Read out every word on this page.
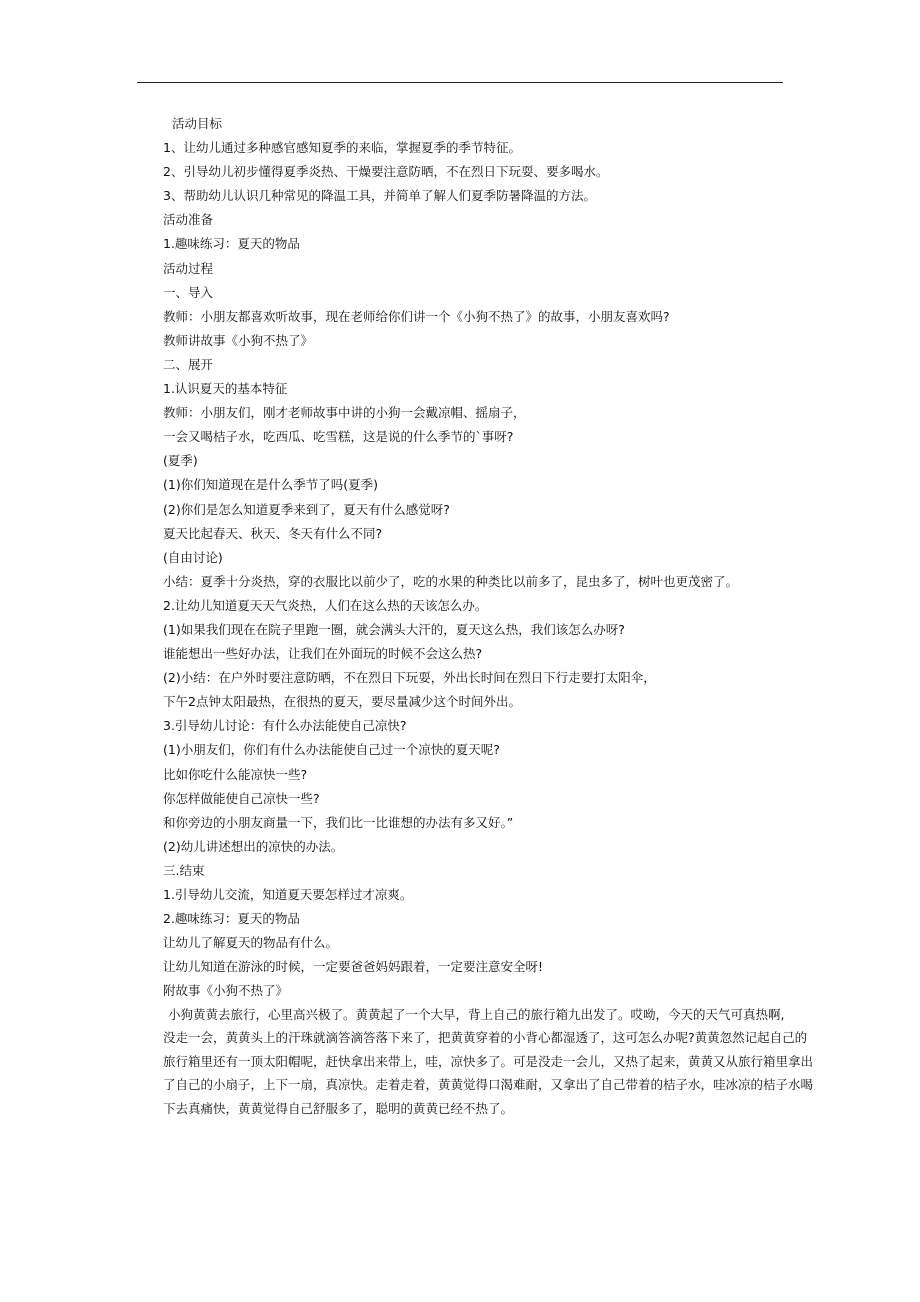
活动目标
1、让幼儿通过多种感官感知夏季的来临，掌握夏季的季节特征。
2、引导幼儿初步懂得夏季炎热、干燥要注意防晒，不在烈日下玩耍、要多喝水。
3、帮助幼儿认识几种常见的降温工具，并简单了解人们夏季防暑降温的方法。
活动准备
1.趣味练习：夏天的物品
活动过程
一、导入
教师：小朋友都喜欢听故事，现在老师给你们讲一个《小狗不热了》的故事，小朋友喜欢吗?
教师讲故事《小狗不热了》
二、展开
1.认识夏天的基本特征
教师：小朋友们，刚才老师故事中讲的小狗一会戴凉帽、摇扇子，
一会又喝桔子水，吃西瓜、吃雪糕，这是说的什么季节的`事呀?
(夏季)
(1)你们知道现在是什么季节了吗(夏季)
(2)你们是怎么知道夏季来到了，夏天有什么感觉呀?
夏天比起春天、秋天、冬天有什么不同?
(自由讨论)
小结：夏季十分炎热，穿的衣服比以前少了，吃的水果的种类比以前多了，昆虫多了，树叶也更茂密了。
2.让幼儿知道夏天天气炎热，人们在这么热的天该怎么办。
(1)如果我们现在在院子里跑一圈，就会满头大汗的，夏天这么热，我们该怎么办呀?
谁能想出一些好办法，让我们在外面玩的时候不会这么热?
(2)小结：在户外时要注意防晒，不在烈日下玩耍，外出长时间在烈日下行走要打太阳伞，
下午2点钟太阳最热，在很热的夏天，要尽量减少这个时间外出。
3.引导幼儿讨论：有什么办法能使自己凉快?
(1)小朋友们，你们有什么办法能使自己过一个凉快的夏天呢?
比如你吃什么能凉快一些?
你怎样做能使自己凉快一些?
和你旁边的小朋友商量一下，我们比一比谁想的办法有多又好。”
(2)幼儿讲述想出的凉快的办法。
三.结束
1.引导幼儿交流，知道夏天要怎样过才凉爽。
2.趣味练习：夏天的物品
让幼儿了解夏天的物品有什么。
让幼儿知道在游泳的时候，一定要爸爸妈妈跟着，一定要注意安全呀!
附故事《小狗不热了》
小狗黄黄去旅行，心里高兴极了。黄黄起了一个大早，背上自己的旅行箱九出发了。哎呦，今天的天气可真热啊,
没走一会，黄黄头上的汗珠就滴答滴答落下来了，把黄黄穿着的小背心都湿透了，这可怎么办呢?黄黄忽然记起自己的
旅行箱里还有一顶太阳帽呢，赶快拿出来带上，哇，凉快多了。可是没走一会儿，又热了起来，黄黄又从旅行箱里拿出
了自己的小扇子，上下一扇，真凉快。走着走着，黄黄觉得口渴难耐，又拿出了自己带着的桔子水，哇冰凉的桔子水喝
下去真痛快，黄黄觉得自己舒服多了，聪明的黄黄已经不热了。
